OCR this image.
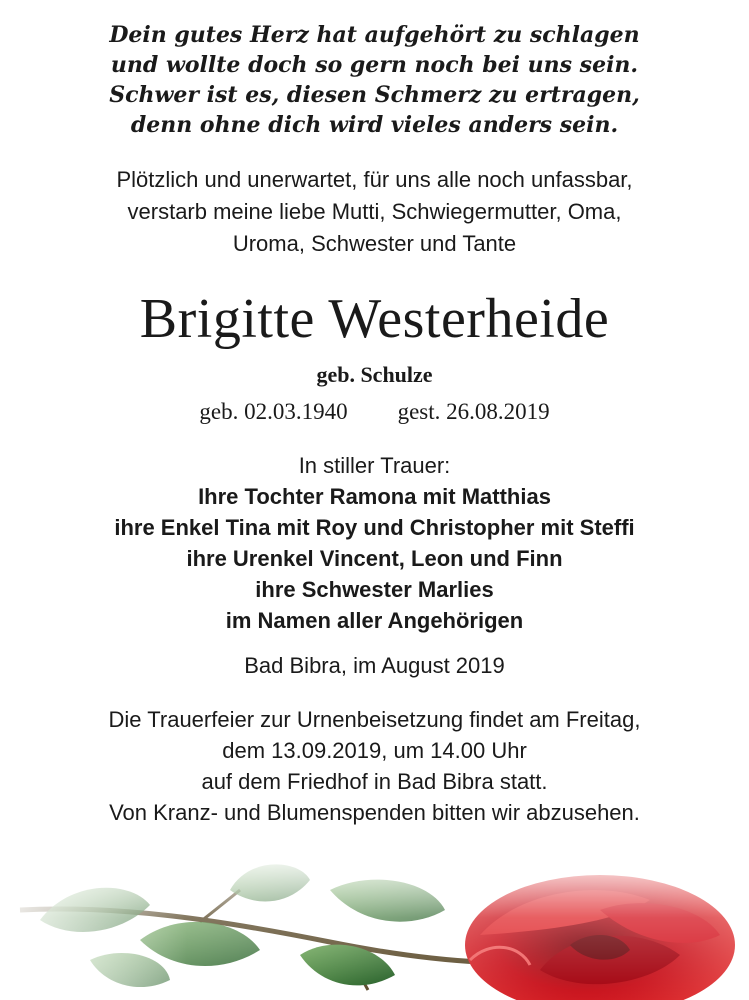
Dein gutes Herz hat aufgehört zu schlagen
und wollte doch so gern noch bei uns sein.
Schwer ist es, diesen Schmerz zu ertragen,
denn ohne dich wird vieles anders sein.
Plötzlich und unerwartet, für uns alle noch unfassbar,
verstarb meine liebe Mutti, Schwiegermutter, Oma,
Uroma, Schwester und Tante
Brigitte Westerheide
geb. Schulze
geb. 02.03.1940 gest. 26.08.2019
In stiller Trauer:
Ihre Tochter Ramona mit Matthias
ihre Enkel Tina mit Roy und Christopher mit Steffi
ihre Urenkel Vincent, Leon und Finn
ihre Schwester Marlies
im Namen aller Angehörigen
Bad Bibra, im August 2019
Die Trauerfeier zur Urnenbeisetzung findet am Freitag,
dem 13.09.2019, um 14.00 Uhr
auf dem Friedhof in Bad Bibra statt.
Von Kranz- und Blumenspenden bitten wir abzusehen.
